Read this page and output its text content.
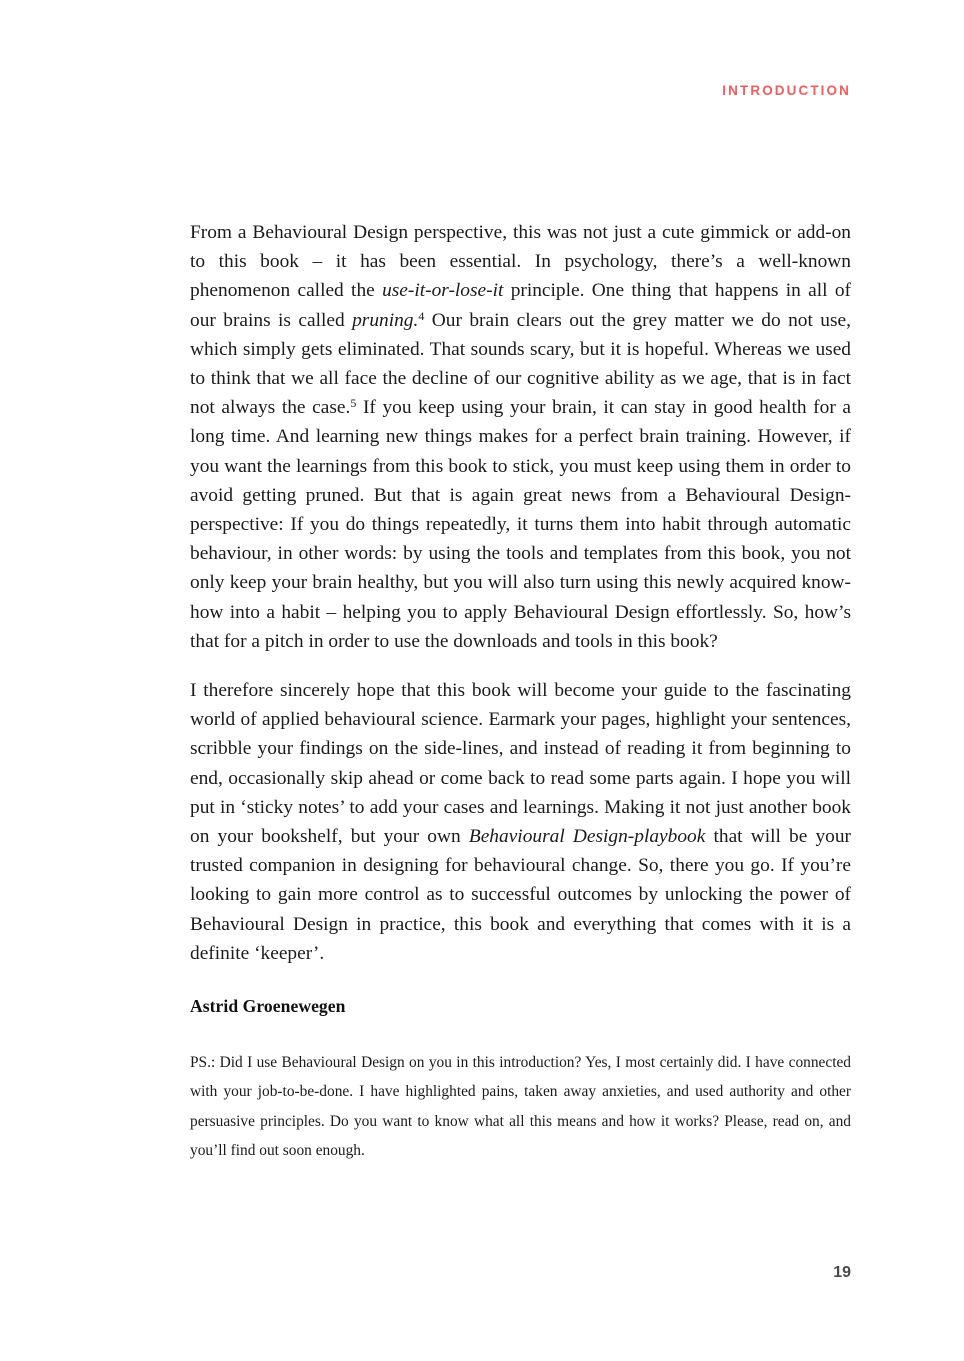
INTRODUCTION

From a Behavioural Design perspective, this was not just a cute gimmick or add-on to this book – it has been essential. In psychology, there’s a well-known phenomenon called the use-it-or-lose-it principle. One thing that happens in all of our brains is called pruning.$^4$ Our brain clears out the grey matter we do not use, which simply gets eliminated. That sounds scary, but it is hopeful. Whereas we used to think that we all face the decline of our cognitive ability as we age, that is in fact not always the case.$^5$ If you keep using your brain, it can stay in good health for a long time. And learning new things makes for a perfect brain training. However, if you want the learnings from this book to stick, you must keep using them in order to avoid getting pruned. But that is again great news from a Behavioural Design-perspective: If you do things repeatedly, it turns them into habit through automatic behaviour, in other words: by using the tools and templates from this book, you not only keep your brain healthy, but you will also turn using this newly acquired know-how into a habit – helping you to apply Behavioural Design effortlessly. So, how’s that for a pitch in order to use the downloads and tools in this book?

I therefore sincerely hope that this book will become your guide to the fascinating world of applied behavioural science. Earmark your pages, highlight your sentences, scribble your findings on the side-lines, and instead of reading it from beginning to end, occasionally skip ahead or come back to read some parts again. I hope you will put in ‘sticky notes’ to add your cases and learnings. Making it not just another book on your bookshelf, but your own Behavioural Design-playbook that will be your trusted companion in designing for behavioural change. So, there you go. If you’re looking to gain more control as to successful outcomes by unlocking the power of Behavioural Design in practice, this book and everything that comes with it is a definite ‘keeper’.

Astrid Groenewegen

PS.: Did I use Behavioural Design on you in this introduction? Yes, I most certainly did. I have connected with your job-to-be-done. I have highlighted pains, taken away anxieties, and used authority and other persuasive principles. Do you want to know what all this means and how it works? Please, read on, and you’ll find out soon enough.

19
